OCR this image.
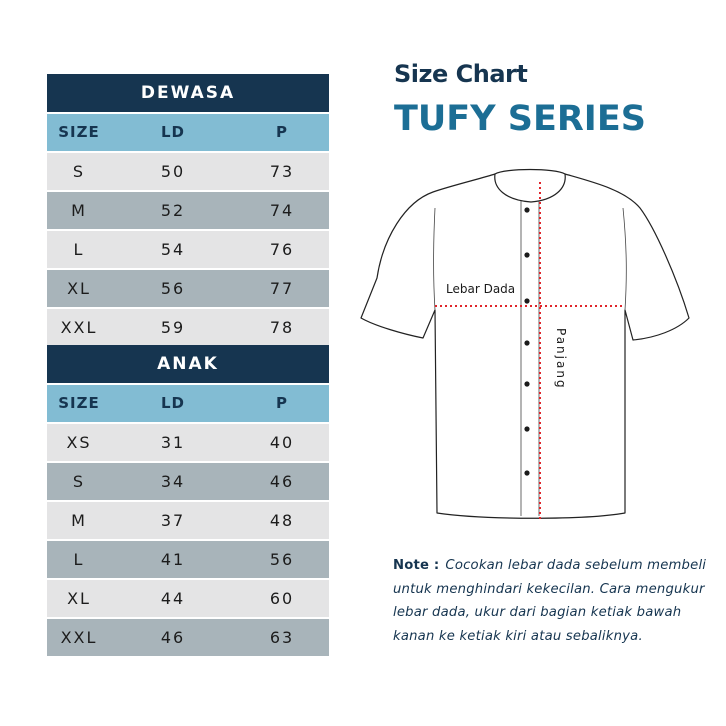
DEWASA
SIZE	LD	P
S	50	73
M	52	74
L	54	76
XL	56	77
XXL	59	78
ANAK
SIZE	LD	P
XS	31	40
S	34	46
M	37	48
L	41	56
XL	44	60
XXL	46	63
Size Chart
TUFY SERIES
Lebar Dada
Panjang
Note : Cocokan lebar dada sebelum membeli untuk menghindari kekecilan. Cara mengukur lebar dada, ukur dari bagian ketiak bawah kanan ke ketiak kiri atau sebaliknya.
